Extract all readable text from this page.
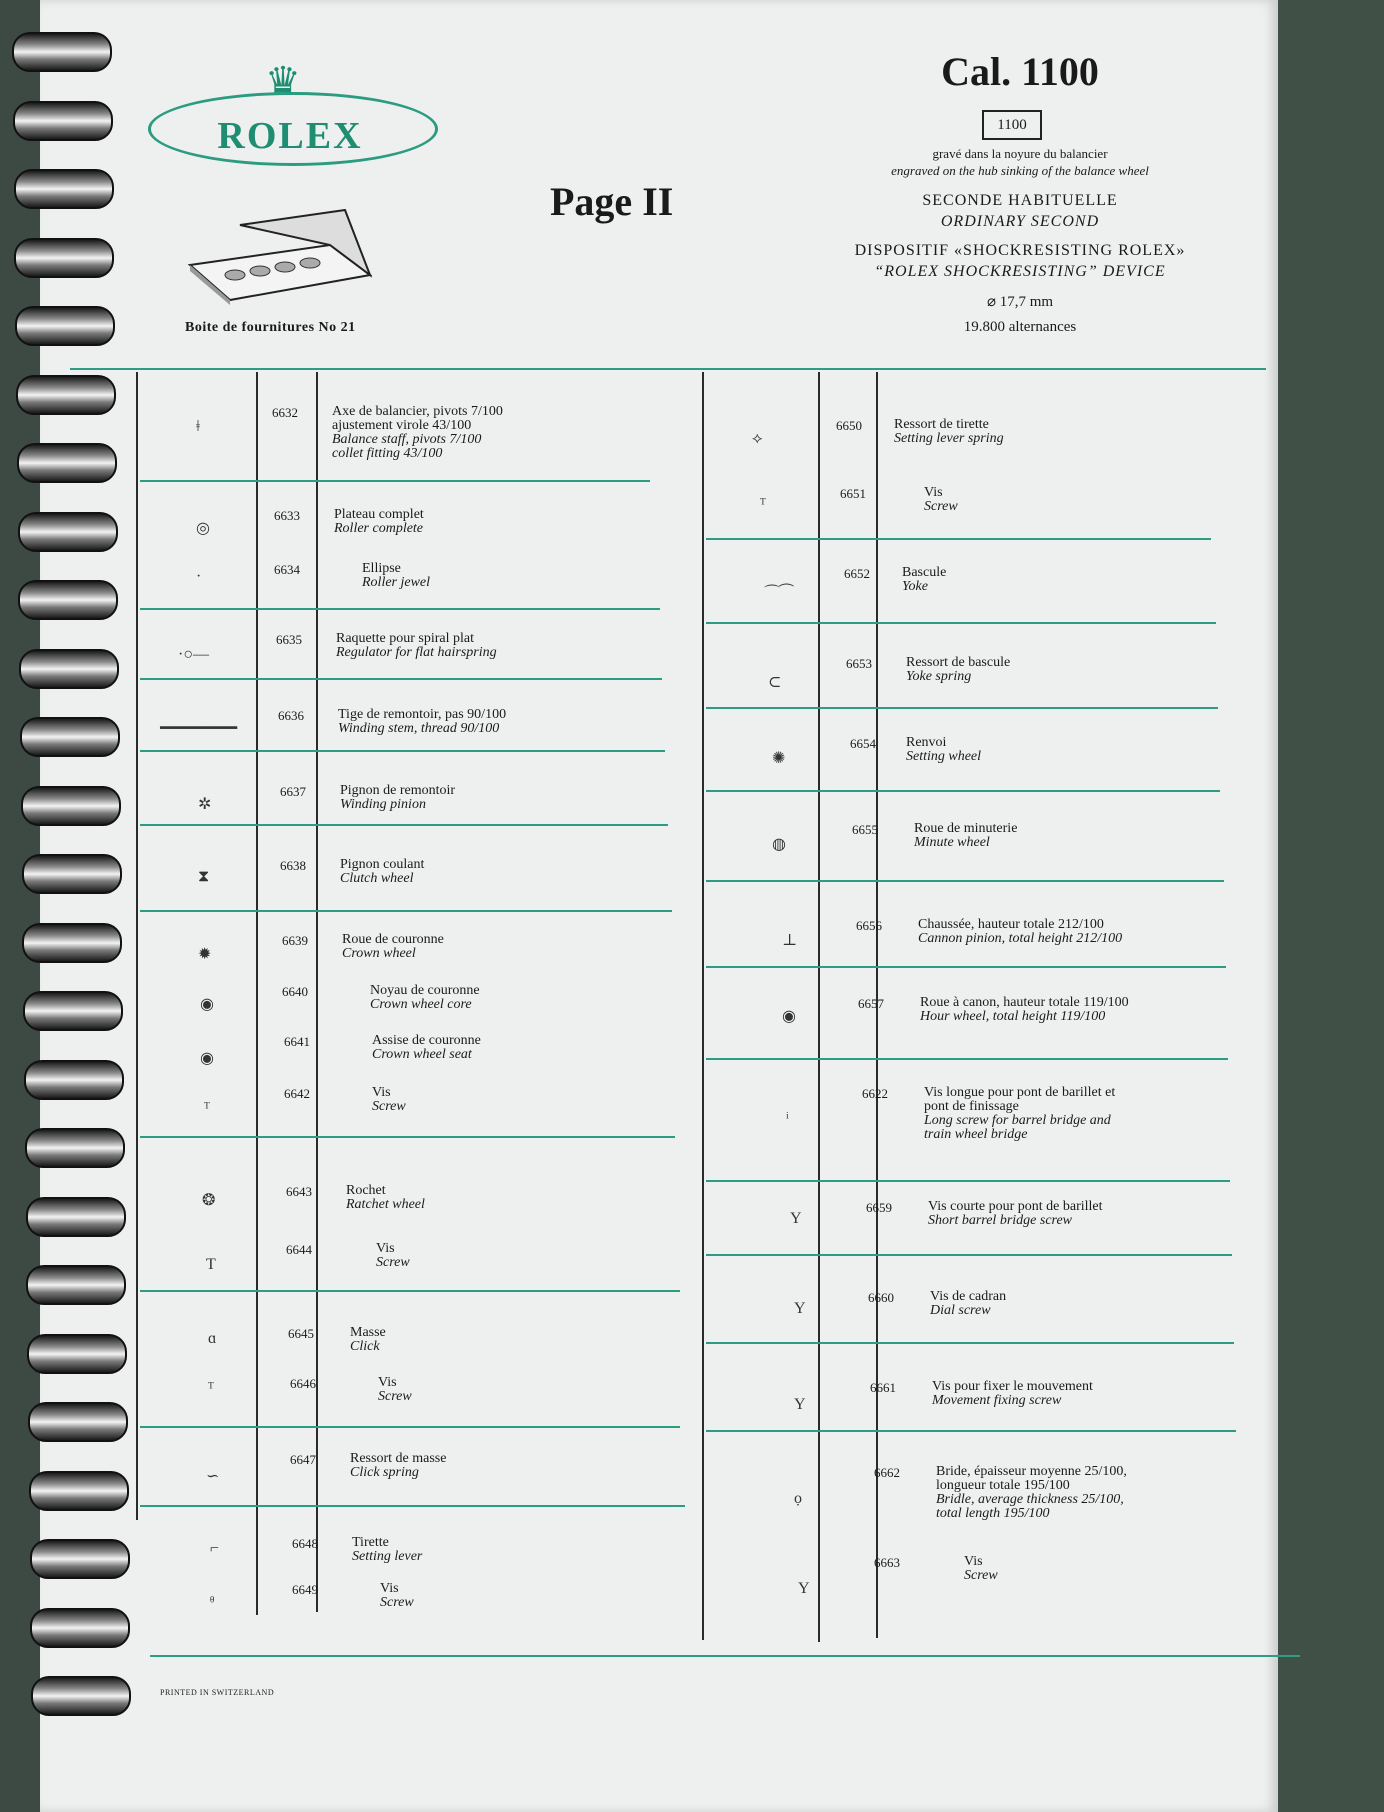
♛
ROLEX
Boite de fournitures No 21
Page II
Cal. 1100
1100
gravé dans la noyure du balancier
engraved on the hub sinking of the balance wheel
SECONDE HABITUELLE
ORDINARY SECOND
DISPOSITIF «SHOCKRESISTING ROLEX»
“ROLEX SHOCKRESISTING” DEVICE
⌀ 17,7 mm
19.800 alternances
ǂ
6632 Axe de balancier, pivots 7/100
ajustement virole 43/100
Balance staff, pivots 7/100
collet fitting 43/100
◎
6633 Plateau complet
Roller complete
·	6634	Ellipse
Roller jewel
·○—
6635 Raquette pour spiral plat
Regulator for flat hairspring
━━━━━━━━
6636 Tige de remontoir, pas 90/100
Winding stem, thread 90/100
✲
6637 Pignon de remontoir
Winding pinion
⧗
6638 Pignon coulant
Clutch wheel
✹
6639 Roue de couronne
Crown wheel
◉
6640	Noyau de couronne
Crown wheel core
◉
6641	Assise de couronne
Crown wheel seat
ᵀ
6642	Vis
Screw
❂
6643 Rochet
Ratchet wheel
T
6644	Vis
Screw
ɑ	6645	Masse
Click
ᵀ	6646	Vis
Screw
∽
6647 Ressort de masse
Click spring
⌐	6648 Tirette
Setting lever
ᶿ
6649	Vis
Screw
⟡
6650 Ressort de tirette
Setting lever spring
ᵀ
6651	Vis
Screw
⌒⁀
6652 Bascule
Yoke
⊂
6653 Ressort de bascule
Yoke spring
✺
6654 Renvoi
Setting wheel
◍
6655	Roue de minuterie
Minute wheel
⊥
6656	Chaussée, hauteur totale 212/100
Cannon pinion, total height 212/100
◉
6657	Roue à canon, hauteur totale 119/100
Hour wheel, total height 119/100
ᵢ
6622	Vis longue pour pont de barillet et
pont de finissage
Long screw for barrel bridge and
train wheel bridge
Y
6659	Vis courte pour pont de barillet
Short barrel bridge screw
Y
6660	Vis de cadran
Dial screw
Y
6661	Vis pour fixer le mouvement
Movement fixing screw
ọ
6662	Bride, épaisseur moyenne 25/100,
longueur totale 195/100
Bridle, average thickness 25/100,
total length 195/100
Y
6663	Vis
Screw
PRINTED IN SWITZERLAND
